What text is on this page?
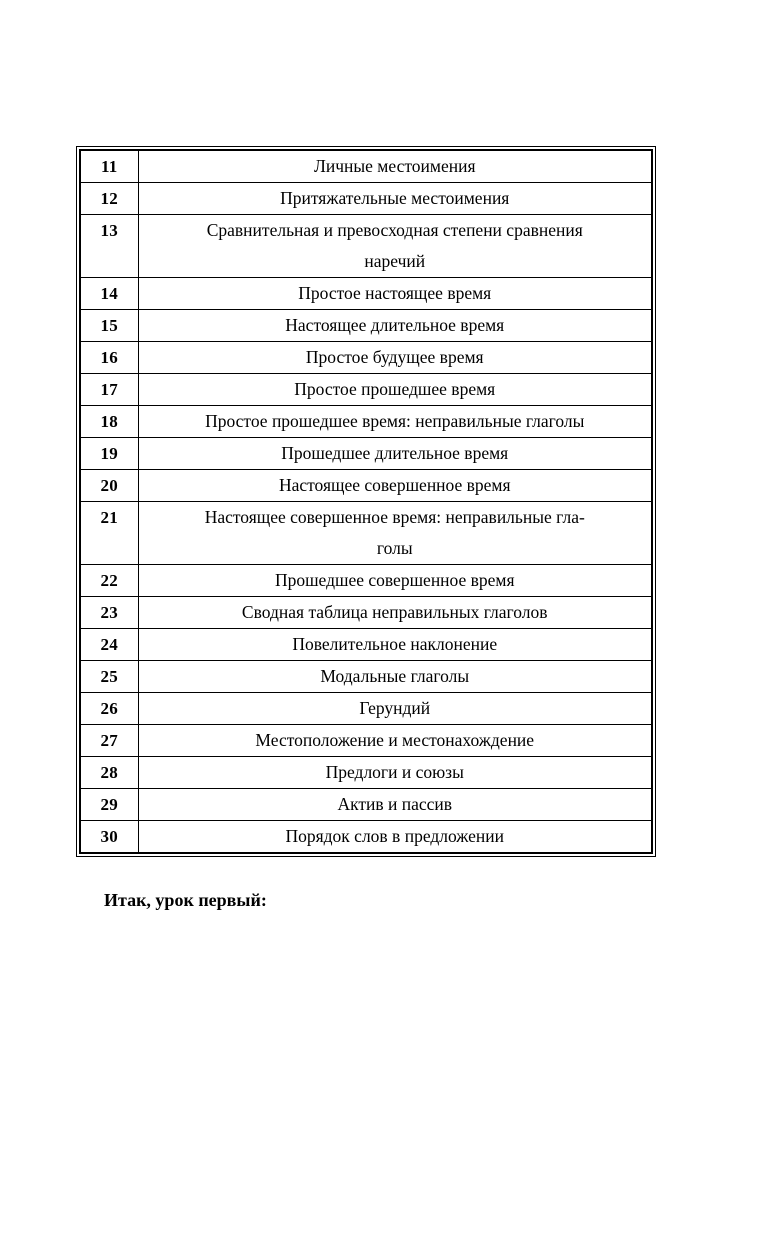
11	Личные местоимения

12	Притяжательные местоимения

13	Сравнительная и превосходная степени сравнения
наречий

14	Простое настоящее время

15	Настоящее длительное время

16	Простое будущее время

17	Простое прошедшее время

18	Простое прошедшее время: неправильные глаголы

19	Прошедшее длительное время

20	Настоящее совершенное время

21	Настоящее совершенное время: неправильные гла-
голы

22	Прошедшее совершенное время

23	Сводная таблица неправильных глаголов

24	Повелительное наклонение

25	Модальные глаголы

26	Герундий

27	Местоположение и местонахождение

28	Предлоги и союзы

29	Актив и пассив

30	Порядок слов в предложении
Итак, урок первый:
